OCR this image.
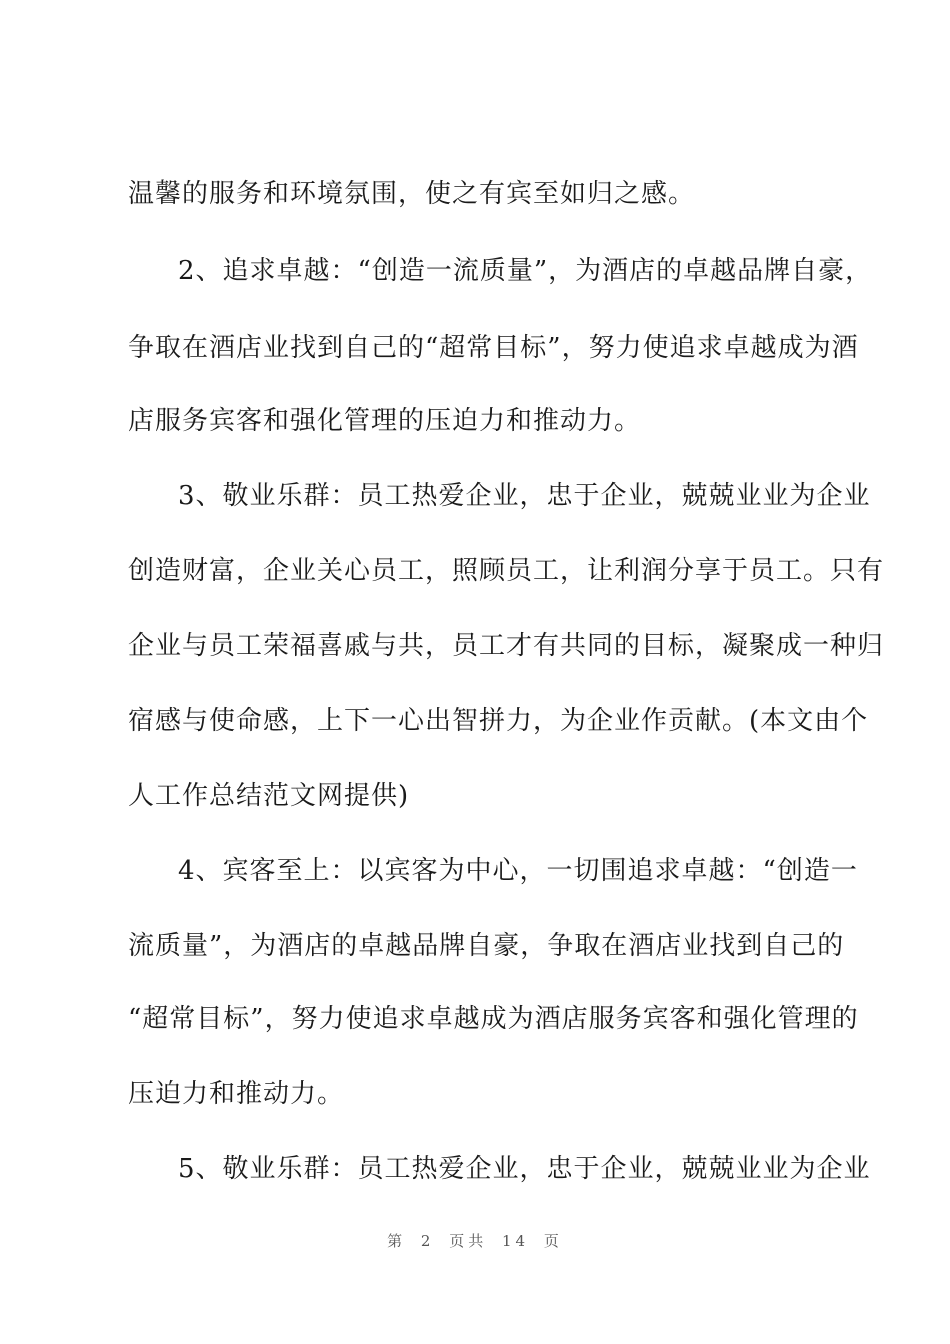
温馨的服务和环境氛围，使之有宾至如归之感。
2、追求卓越：“创造一流质量”，为酒店的卓越品牌自豪，
争取在酒店业找到自己的“超常目标”，努力使追求卓越成为酒
店服务宾客和强化管理的压迫力和推动力。
3、敬业乐群：员工热爱企业，忠于企业，兢兢业业为企业
创造财富，企业关心员工，照顾员工，让利润分享于员工。只有
企业与员工荣福喜戚与共，员工才有共同的目标，凝聚成一种归
宿感与使命感，上下一心出智拼力，为企业作贡献。(本文由个
人工作总结范文网提供)
4、宾客至上：以宾客为中心，一切围追求卓越：“创造一
流质量”，为酒店的卓越品牌自豪，争取在酒店业找到自己的
“超常目标”，努力使追求卓越成为酒店服务宾客和强化管理的
压迫力和推动力。
5、敬业乐群：员工热爱企业，忠于企业，兢兢业业为企业
第 2 页共 14 页
